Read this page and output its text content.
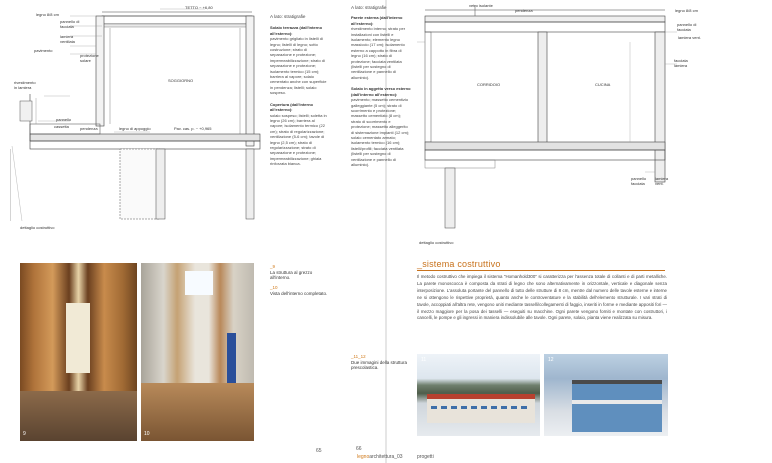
TETTO ~ +6,80
legno 8/8 cm
pannello di facciata
lamiera ventilata
pavimento
protezione solare
SOGGIORNO
rivestimento in lamiera
pannello
cassetta	pendenza	legno di appoggio	Pav. cas. p. ~ +0,965
dettaglio costruttivo
A lato: stratigrafie
Solaio terrazza (dall'interno all'esterno):
pavimento grigliato in listelli di legno; listelli di legno; sotto costruzione; strato di separazione e protezione; impermeabilizzazione; strato di separazione e protezione; isolamento termico (15 cm); barriera al vapore; solaio cementato anche con superficie in pendenza; listelli; solaio sospeso.
Copertura (dall'interno all'esterno):
solaio sospeso; listelli; soletta in legno (26 cm); barriera al vapore; isolamento termico (22 cm); strato di regolarizzazione; ventilazione (5-6 cm); tavole di legno (2,5 cm); strato di regolarizzazione; strato di separazione e protezione; impermeabilizzazione; ghiaia rinforzata bianca.
9	10
_9
La struttura al grezzo all'interno.
_10
Vista dell'interno completato.
65
A lato: stratigrafie
Parete esterna (dall'interno all'esterno):
rivestimento interno; strato per installazioni con listelli e isolamento; elemento legno massiccio (17 cm); isolamento esterno a cappotto in fibra di legno (16 cm); strato di protezione; facciata ventilata (listelli per sostegno di ventilazione e pannello di alluminio).
Solaio in aggetto verso esterno (dall'interno all'esterno):
pavimento; massetto cementizio galleggiante (5 cm); strato di scorrimento e protezione; massetto cementizio (8 cm); strato di scorrimento e protezione; massetto alleggerito di sistemazione impianti (12 cm); solaio cementato armato; isolamento termico (16 cm); listelli/profili; facciata ventilata (listelli per sostegno di ventilazione e pannello di alluminio).
vetro isolante
pendenza	legno 8/8 cm
pannello di facciata
lamiera vent.
facciata lamiera
CORRIDOIO	CUCINA
pannello facciata
lamiera vent.
dettaglio costruttivo
_11_12
Due immagini della struttura prescolastica.
_sistema costruttivo
Il metodo costruttivo che impiega il sistema "Homanhold300" si caratterizza per l'assenza totale di collanti e di parti metalliche. La parete monoscocca è composta da strati di legno che sono alternativamente in orizzontale, verticale e diagonale senza interposizione. L'assoluta portante del pannello di tutto delle strutture di 8 cm, mentre dal numero delle tavole esterne e interne ne si ottengono le rispettive proprietà, quanto anche le controventature e la stabilità dell'elemento strutturale. I vari strati di tavole, accoppiati all'altra rete, vengono uniti mediante tasselli/collegamenti di faggio, inseriti in forme e mediante appositi fori — il mezzo maggiore per la posa dei tasselli — eseguiti su macchine. Ogni parete vengono forniti e montate con costruttori, i cancelli, le pompe e gli ingressi in maniera indissolubile alle tavole. Ogni parete, solaio, pianta viene realizzata su misura.
11	12
66
legnoarchitettura_03	progetti
